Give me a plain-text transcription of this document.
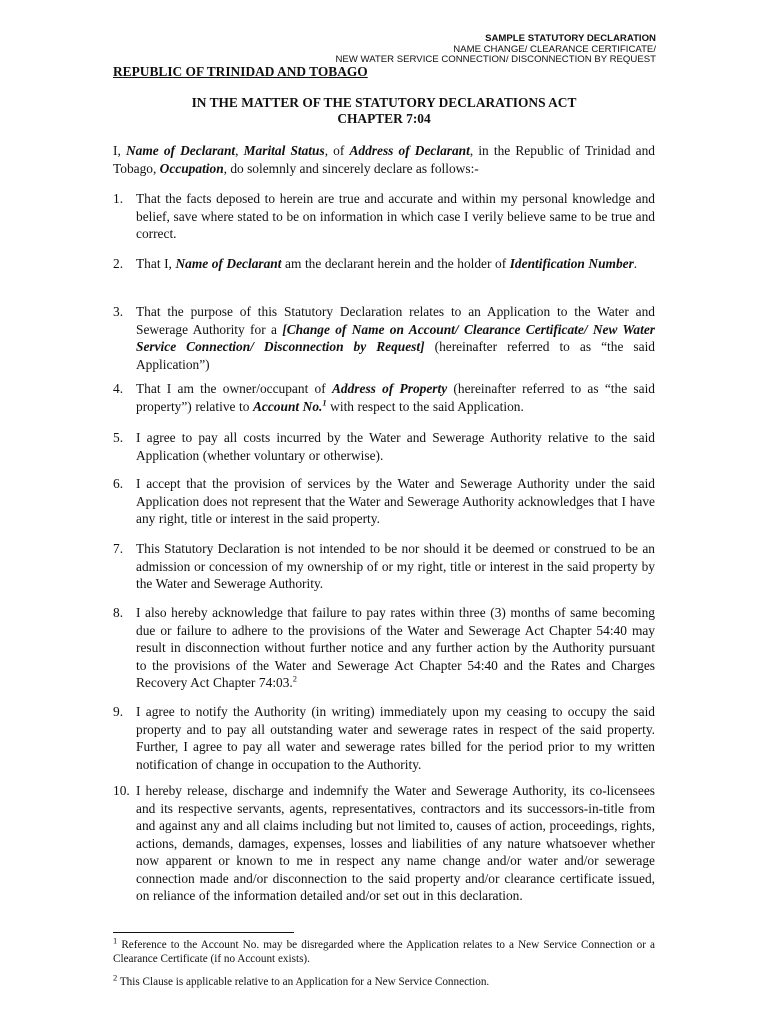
SAMPLE STATUTORY DECLARATION
NAME CHANGE/ CLEARANCE CERTIFICATE/
NEW WATER SERVICE CONNECTION/ DISCONNECTION BY REQUEST
REPUBLIC OF TRINIDAD AND TOBAGO
IN THE MATTER OF THE STATUTORY DECLARATIONS ACT
CHAPTER 7:04
I, Name of Declarant, Marital Status, of Address of Declarant, in the Republic of Trinidad and Tobago, Occupation, do solemnly and sincerely declare as follows:-
1. That the facts deposed to herein are true and accurate and within my personal knowledge and belief, save where stated to be on information in which case I verily believe same to be true and correct.
2. That I, Name of Declarant am the declarant herein and the holder of Identification Number.
3. That the purpose of this Statutory Declaration relates to an Application to the Water and Sewerage Authority for a [Change of Name on Account/ Clearance Certificate/ New Water Service Connection/ Disconnection by Request] (hereinafter referred to as “the said Application”)
4. That I am the owner/occupant of Address of Property (hereinafter referred to as “the said property”) relative to Account No.$^1$ with respect to the said Application.
5. I agree to pay all costs incurred by the Water and Sewerage Authority relative to the said Application (whether voluntary or otherwise).
6. I accept that the provision of services by the Water and Sewerage Authority under the said Application does not represent that the Water and Sewerage Authority acknowledges that I have any right, title or interest in the said property.
7. This Statutory Declaration is not intended to be nor should it be deemed or construed to be an admission or concession of my ownership of or my right, title or interest in the said property by the Water and Sewerage Authority.
8. I also hereby acknowledge that failure to pay rates within three (3) months of same becoming due or failure to adhere to the provisions of the Water and Sewerage Act Chapter 54:40 may result in disconnection without further notice and any further action by the Authority pursuant to the provisions of the Water and Sewerage Act Chapter 54:40 and the Rates and Charges Recovery Act Chapter 74:03.$^2$
9. I agree to notify the Authority (in writing) immediately upon my ceasing to occupy the said property and to pay all outstanding water and sewerage rates in respect of the said property. Further, I agree to pay all water and sewerage rates billed for the period prior to my written notification of change in occupation to the Authority.
10. I hereby release, discharge and indemnify the Water and Sewerage Authority, its co-licensees and its respective servants, agents, representatives, contractors and its successors-in-title from and against any and all claims including but not limited to, causes of action, proceedings, rights, actions, demands, damages, expenses, losses and liabilities of any nature whatsoever whether now apparent or known to me in respect any name change and/or water and/or sewerage connection made and/or disconnection to the said property and/or clearance certificate issued, on reliance of the information detailed and/or set out in this declaration.
$^1$ Reference to the Account No. may be disregarded where the Application relates to a New Service Connection or a Clearance Certificate (if no Account exists).
$^2$ This Clause is applicable relative to an Application for a New Service Connection.
